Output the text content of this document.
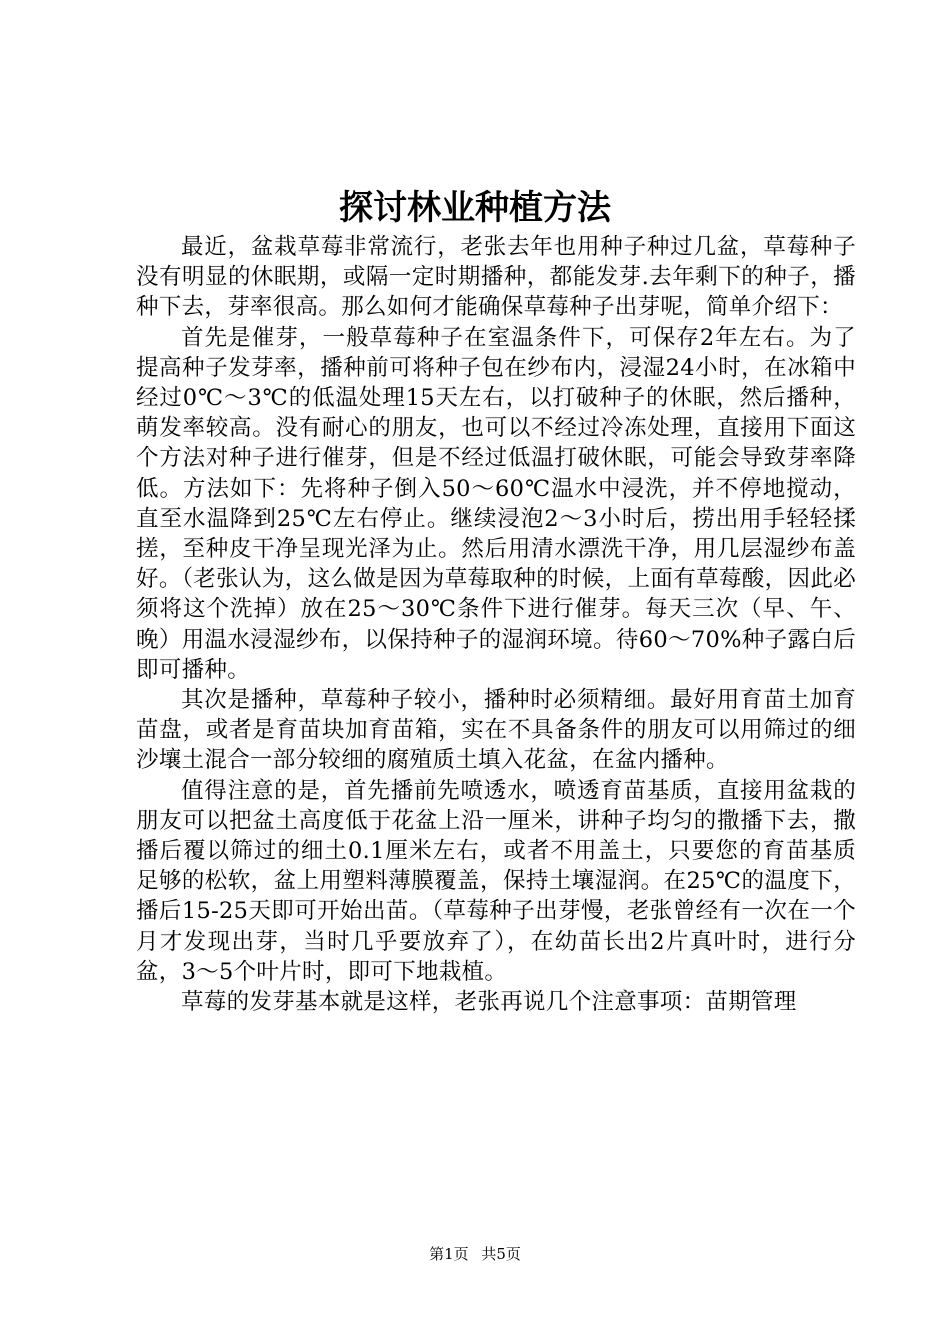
探讨林业种植方法

最近，盆栽草莓非常流行，老张去年也用种子种过几盆，草莓种子没有明显的休眠期，或隔一定时期播种，都能发芽.去年剩下的种子，播种下去，芽率很高。那么如何才能确保草莓种子出芽呢，简单介绍下：

首先是催芽，一般草莓种子在室温条件下，可保存2年左右。为了提高种子发芽率，播种前可将种子包在纱布内，浸湿24小时，在冰箱中经过0℃～3℃的低温处理15天左右，以打破种子的休眠，然后播种，萌发率较高。没有耐心的朋友，也可以不经过冷冻处理，直接用下面这个方法对种子进行催芽，但是不经过低温打破休眠，可能会导致芽率降低。方法如下：先将种子倒入50～60℃温水中浸洗，并不停地搅动，直至水温降到25℃左右停止。继续浸泡2～3小时后，捞出用手轻轻揉搓，至种皮干净呈现光泽为止。然后用清水漂洗干净，用几层湿纱布盖好。（老张认为，这么做是因为草莓取种的时候，上面有草莓酸，因此必须将这个洗掉）放在25～30℃条件下进行催芽。每天三次（早、午、晚）用温水浸湿纱布，以保持种子的湿润环境。待60～70%种子露白后即可播种。

其次是播种，草莓种子较小，播种时必须精细。最好用育苗土加育苗盘，或者是育苗块加育苗箱，实在不具备条件的朋友可以用筛过的细沙壤土混合一部分较细的腐殖质土填入花盆，在盆内播种。

值得注意的是，首先播前先喷透水，喷透育苗基质，直接用盆栽的朋友可以把盆土高度低于花盆上沿一厘米，讲种子均匀的撒播下去，撒播后覆以筛过的细土0.1厘米左右，或者不用盖土，只要您的育苗基质足够的松软，盆上用塑料薄膜覆盖，保持土壤湿润。在25℃的温度下，播后15-25天即可开始出苗。（草莓种子出芽慢，老张曾经有一次在一个月才发现出芽，当时几乎要放弃了），在幼苗长出2片真叶时，进行分盆，3～5个叶片时，即可下地栽植。

草莓的发芽基本就是这样，老张再说几个注意事项：苗期管理

第1页 共5页
